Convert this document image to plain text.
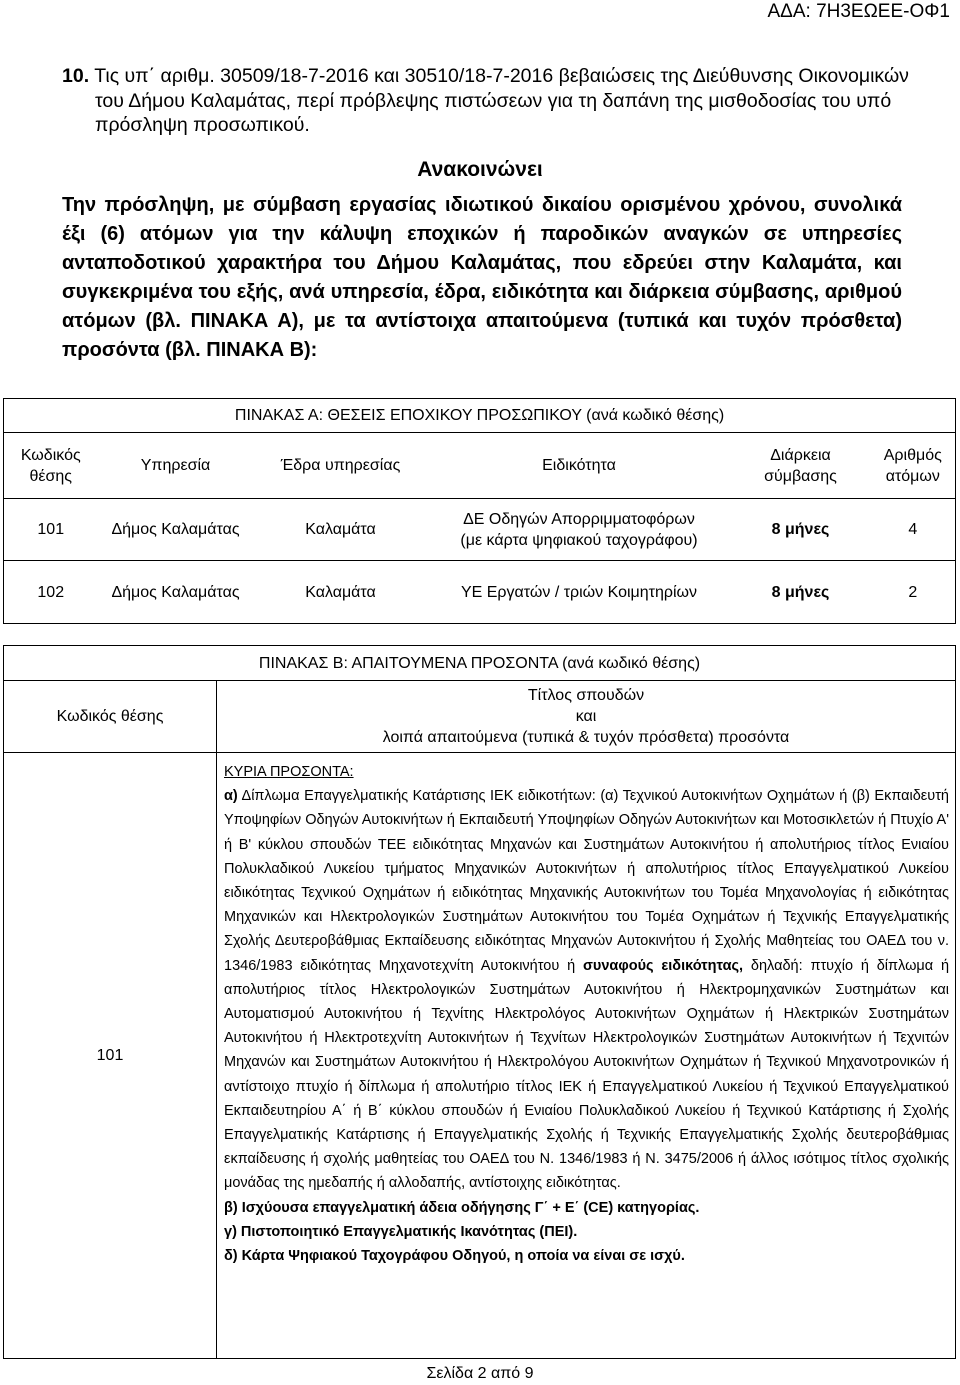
ΑΔΑ: 7Η3ΕΩΕΕ-ΟΦ1

10. Τις υπ΄ αριθμ. 30509/18-7-2016 και 30510/18-7-2016 βεβαιώσεις της Διεύθυνσης Οικονομικών του Δήμου Καλαμάτας, περί πρόβλεψης πιστώσεων για τη δαπάνη της μισθοδοσίας του υπό πρόσληψη προσωπικού.

Ανακοινώνει

Την πρόσληψη, με σύμβαση εργασίας ιδιωτικού δικαίου ορισμένου χρόνου, συνολικά έξι (6) ατόμων για την κάλυψη εποχικών ή παροδικών αναγκών σε υπηρεσίες ανταποδοτικού χαρακτήρα του Δήμου Καλαμάτας, που εδρεύει στην Καλαμάτα, και συγκεκριμένα του εξής, ανά υπηρεσία, έδρα, ειδικότητα και διάρκεια σύμβασης, αριθμού ατόμων (βλ. ΠΙΝΑΚΑ Α), με τα αντίστοιχα απαιτούμενα (τυπικά και τυχόν πρόσθετα) προσόντα (βλ. ΠΙΝΑΚΑ Β):

ΠΙΝΑΚΑΣ Α: ΘΕΣΕΙΣ ΕΠΟΧΙΚΟΥ ΠΡΟΣΩΠΙΚΟΥ (ανά κωδικό θέσης)					
Κωδικός
θέσης	Υπηρεσία	Έδρα υπηρεσίας	Ειδικότητα	Διάρκεια
σύμβασης	Αριθμός
ατόμων
101	Δήμος Καλαμάτας	Καλαμάτα	ΔΕ Οδηγών Απορριμματοφόρων
(με κάρτα ψηφιακού ταχογράφου)	8 μήνες	4
102	Δήμος Καλαμάτας	Καλαμάτα	ΥΕ Εργατών / τριών Κοιμητηρίων	8 μήνες	2
ΠΙΝΑΚΑΣ Β: ΑΠΑΙΤΟΥΜΕΝΑ ΠΡΟΣΟΝΤΑ (ανά κωδικό θέσης)	
Κωδικός θέσης	Τίτλος σπουδών
και
λοιπά απαιτούμενα (τυπικά & τυχόν πρόσθετα) προσόντα
101	ΚΥΡΙΑ ΠΡΟΣΟΝΤΑ:

α) Δίπλωμα Επαγγελματικής Κατάρτισης ΙΕΚ ειδικοτήτων: (α) Τεχνικού Αυτοκινήτων Οχημάτων ή (β) Εκπαιδευτή Υποψηφίων Οδηγών Αυτοκινήτων ή Εκπαιδευτή Υποψηφίων Οδηγών Αυτοκινήτων και Μοτοσικλετών ή Πτυχίο Α' ή Β' κύκλου σπουδών ΤΕΕ ειδικότητας Μηχανών και Συστημάτων Αυτοκινήτου ή απολυτήριος τίτλος Ενιαίου Πολυκλαδικού Λυκείου τμήματος Μηχανικών Αυτοκινήτων ή απολυτήριος τίτλος Επαγγελματικού Λυκείου ειδικότητας Τεχνικού Οχημάτων ή ειδικότητας Μηχανικής Αυτοκινήτων του Τομέα Μηχανολογίας ή ειδικότητας Μηχανικών και Ηλεκτρολογικών Συστημάτων Αυτοκινήτου του Τομέα Οχημάτων ή Τεχνικής Επαγγελματικής Σχολής Δευτεροβάθμιας Εκπαίδευσης ειδικότητας Μηχανών Αυτοκινήτου ή Σχολής Μαθητείας του ΟΑΕΔ του ν. 1346/1983 ειδικότητας Μηχανοτεχνίτη Αυτοκινήτου ή συναφούς ειδικότητας, δηλαδή: πτυχίο ή δίπλωμα ή απολυτήριος τίτλος Ηλεκτρολογικών Συστημάτων Αυτοκινήτου ή Ηλεκτρομηχανικών Συστημάτων και Αυτοματισμού Αυτοκινήτου ή Τεχνίτης Ηλεκτρολόγος Αυτοκινήτων Οχημάτων ή Ηλεκτρικών Συστημάτων Αυτοκινήτου ή Ηλεκτροτεχνίτη Αυτοκινήτων ή Τεχνίτων Ηλεκτρολογικών Συστημάτων Αυτοκινήτων ή Τεχνιτών Μηχανών και Συστημάτων Αυτοκινήτου ή Ηλεκτρολόγου Αυτοκινήτων Οχημάτων ή Τεχνικού Μηχανοτρονικών ή αντίστοιχο πτυχίο ή δίπλωμα ή απολυτήριο τίτλος ΙΕΚ ή Επαγγελματικού Λυκείου ή Τεχνικού Επαγγελματικού Εκπαιδευτηρίου Α΄ ή Β΄ κύκλου σπουδών ή Ενιαίου Πολυκλαδικού Λυκείου ή Τεχνικού Κατάρτισης ή Σχολής Επαγγελματικής Κατάρτισης ή Επαγγελματικής Σχολής ή Τεχνικής Επαγγελματικής Σχολής δευτεροβάθμιας εκπαίδευσης ή σχολής μαθητείας του ΟΑΕΔ του Ν. 1346/1983 ή Ν. 3475/2006 ή άλλος ισότιμος τίτλος σχολικής μονάδας της ημεδαπής ή αλλοδαπής, αντίστοιχης ειδικότητας.

β) Ισχύουσα επαγγελματική άδεια οδήγησης Γ΄ + Ε΄ (CE) κατηγορίας.

γ) Πιστοποιητικό Επαγγελματικής Ικανότητας (ΠΕΙ).

δ) Κάρτα Ψηφιακού Ταχογράφου Οδηγού, η οποία να είναι σε ισχύ.

Σελίδα 2 από 9
